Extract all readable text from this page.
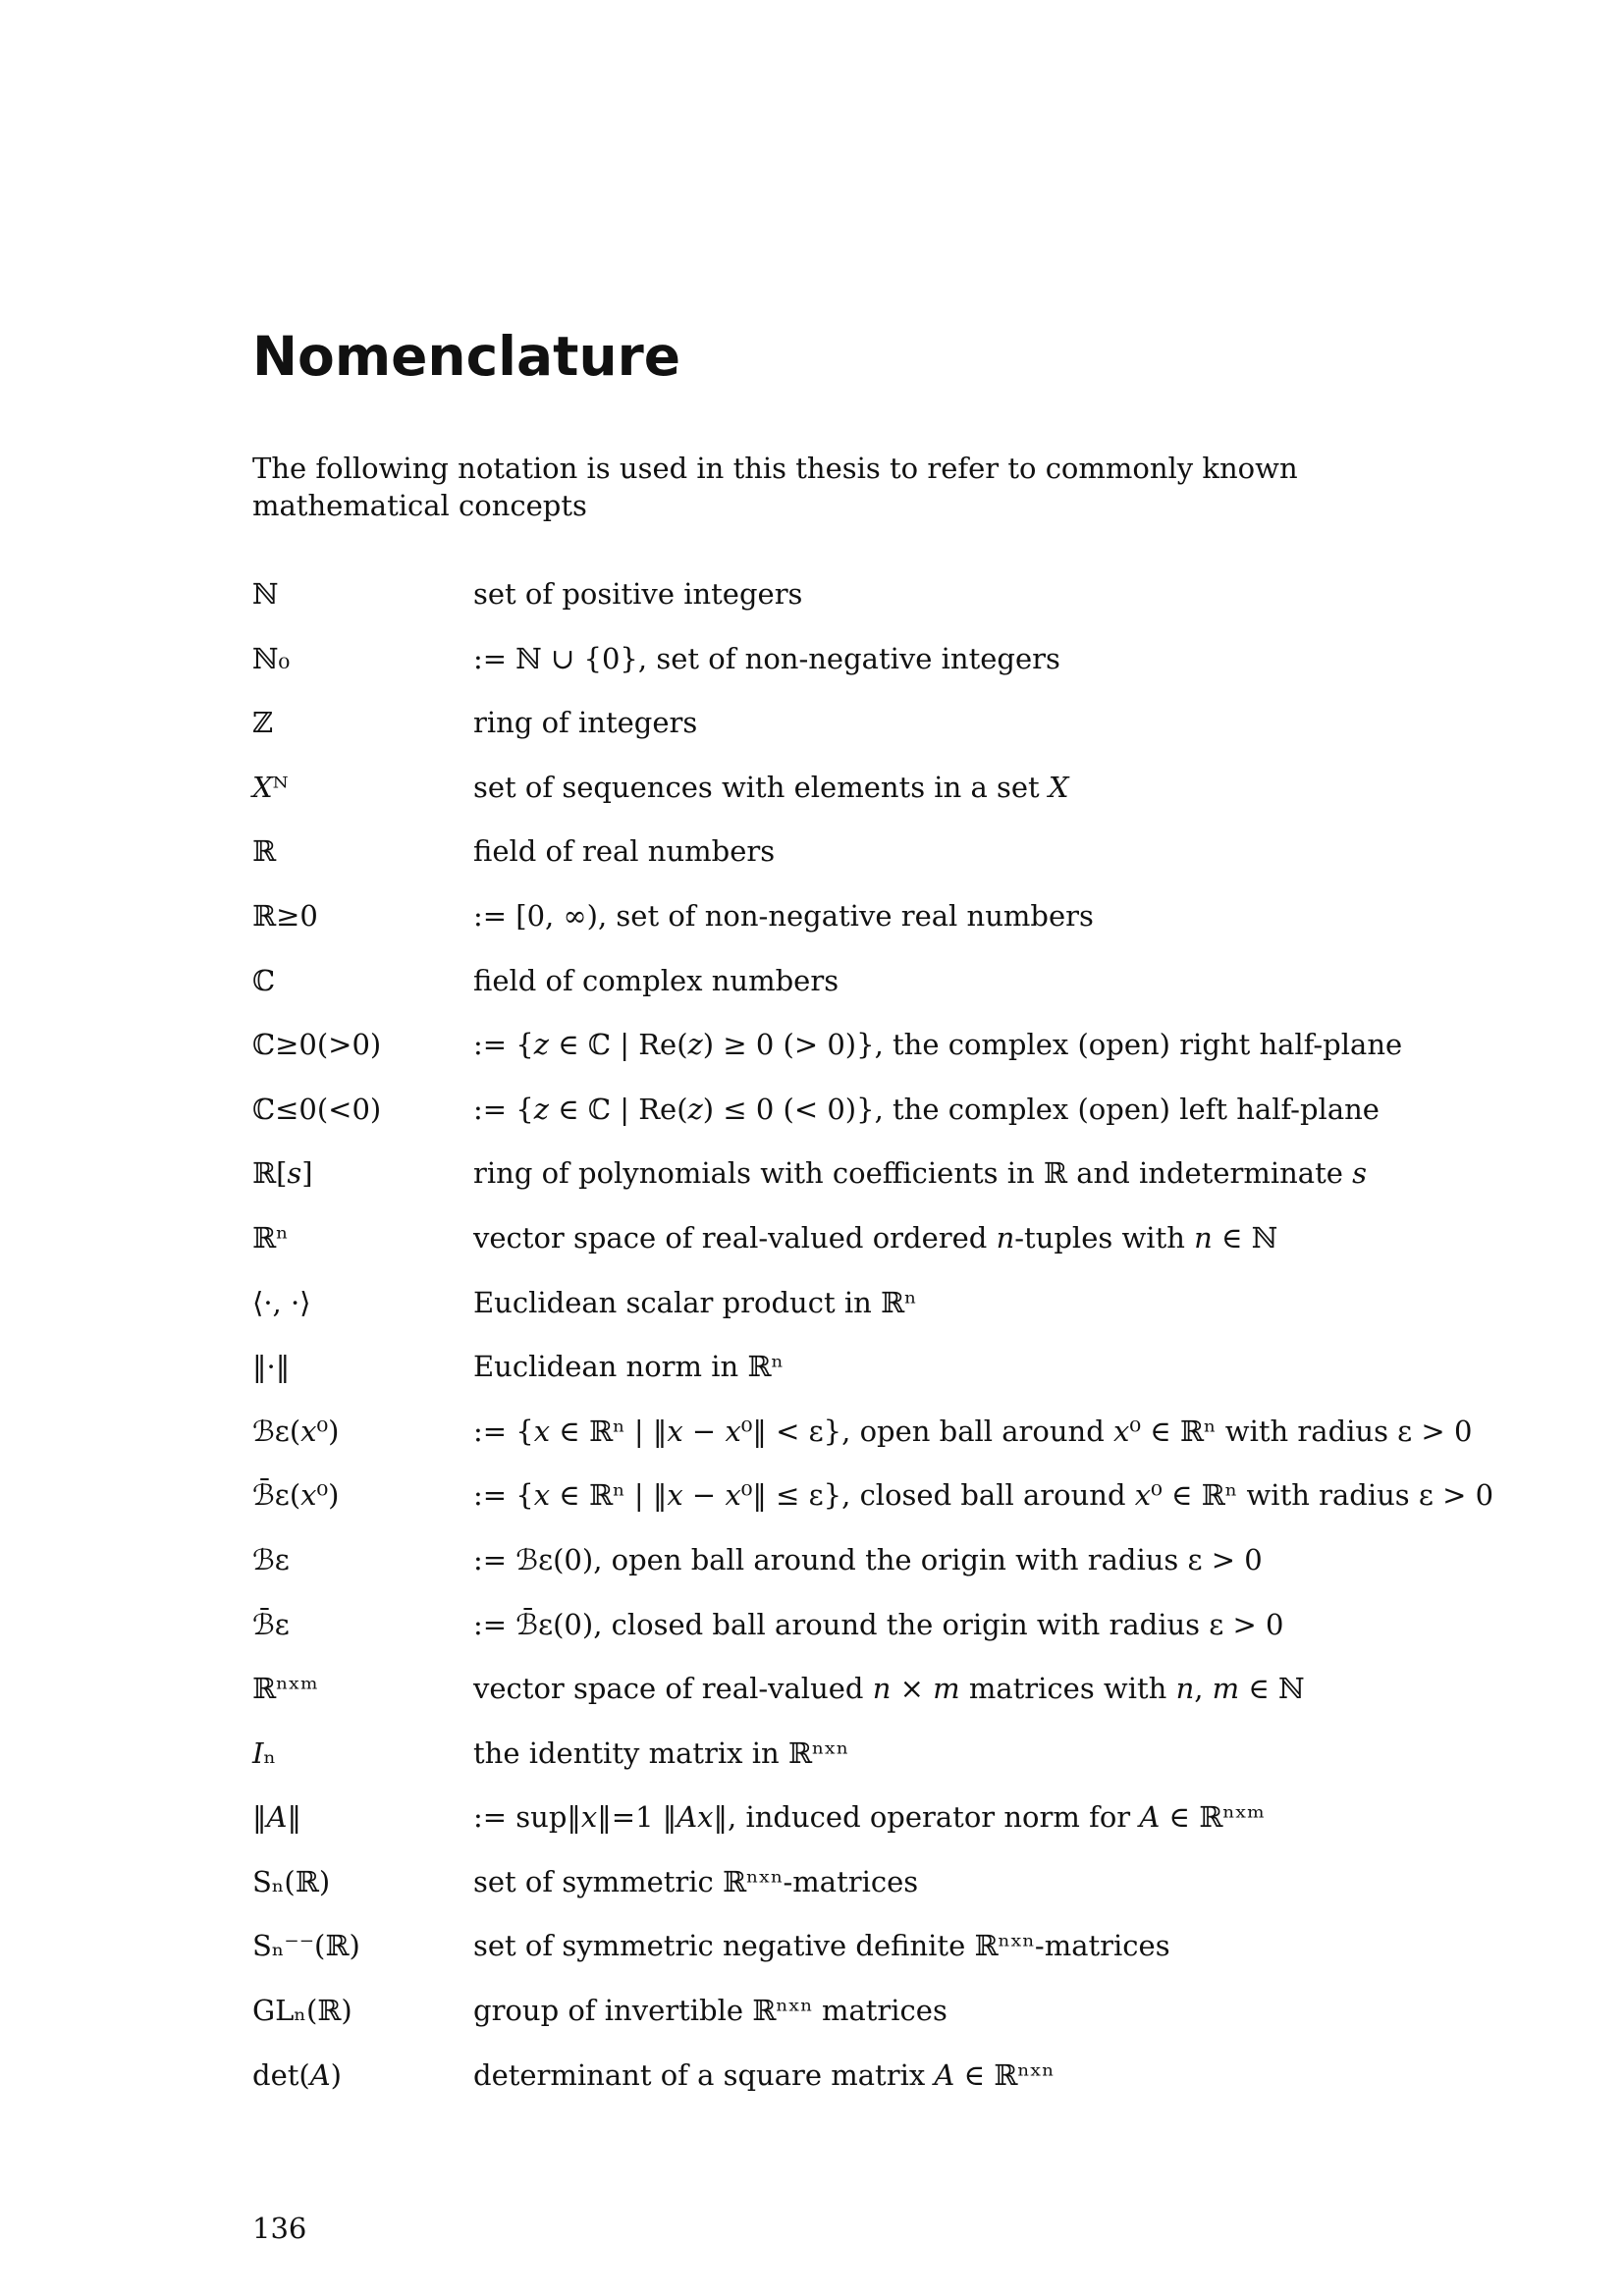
Nomenclature

The following notation is used in this thesis to refer to commonly known mathematical concepts

ℕ	set of positive integers
ℕ₀	:= ℕ ∪ {0}, set of non-negative integers
ℤ	ring of integers
𝑋ᴺ	set of sequences with elements in a set 𝑋
ℝ	field of real numbers
ℝ≥0	:= [0, ∞), set of non-negative real numbers
ℂ	field of complex numbers
ℂ≥0(>0)	:= {𝑧 ∈ ℂ | Re(𝑧) ≥ 0 (> 0)}, the complex (open) right half-plane
ℂ≤0(<0)	:= {𝑧 ∈ ℂ | Re(𝑧) ≤ 0 (< 0)}, the complex (open) left half-plane
ℝ[𝑠]	ring of polynomials with coefficients in ℝ and indeterminate 𝑠
ℝⁿ	vector space of real-valued ordered 𝑛-tuples with 𝑛 ∈ ℕ
⟨·, ·⟩	Euclidean scalar product in ℝⁿ
‖·‖	Euclidean norm in ℝⁿ
ℬε(𝑥⁰)	:= {𝑥 ∈ ℝⁿ | ‖𝑥 − 𝑥⁰‖ < ε}, open ball around 𝑥⁰ ∈ ℝⁿ with radius ε > 0
ℬ̄ε(𝑥⁰)	:= {𝑥 ∈ ℝⁿ | ‖𝑥 − 𝑥⁰‖ ≤ ε}, closed ball around 𝑥⁰ ∈ ℝⁿ with radius ε > 0
ℬε	:= ℬε(0), open ball around the origin with radius ε > 0
ℬ̄ε	:= ℬ̄ε(0), closed ball around the origin with radius ε > 0
ℝⁿˣᵐ	vector space of real-valued 𝑛 × 𝑚 matrices with 𝑛, 𝑚 ∈ ℕ
𝐼ₙ	the identity matrix in ℝⁿˣⁿ
‖𝐴‖	:= sup‖𝑥‖=1 ‖𝐴𝑥‖, induced operator norm for 𝐴 ∈ ℝⁿˣᵐ
Sₙ(ℝ)	set of symmetric ℝⁿˣⁿ-matrices
Sₙ⁻⁻(ℝ)	set of symmetric negative definite ℝⁿˣⁿ-matrices
GLₙ(ℝ)	group of invertible ℝⁿˣⁿ matrices
det(𝐴)	determinant of a square matrix 𝐴 ∈ ℝⁿˣⁿ
136
